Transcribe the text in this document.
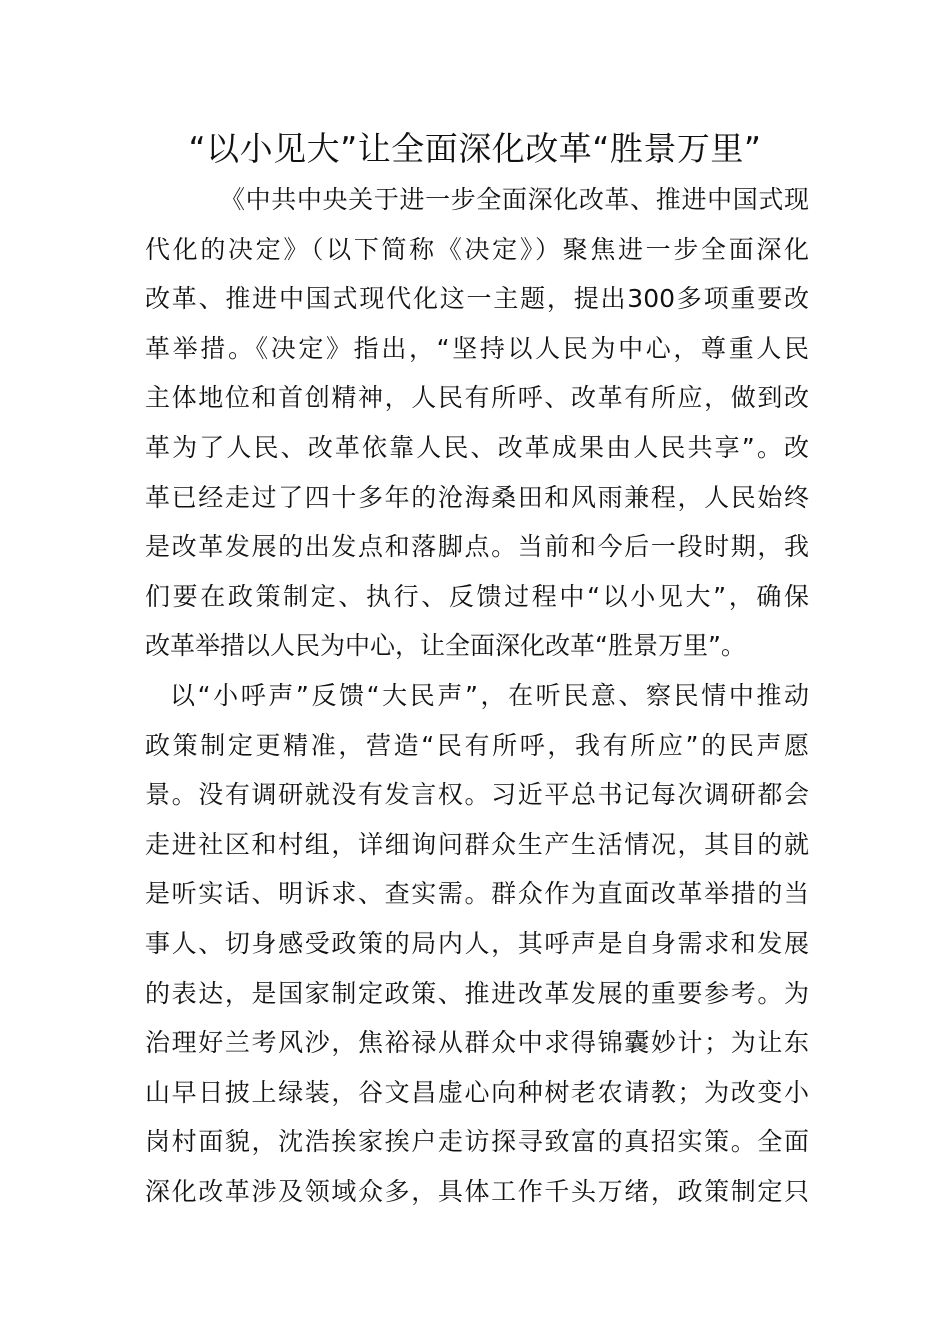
“以小见大”让全面深化改革“胜景万里”
《中共中央关于进一步全面深化改革、推进中国式现
代化的决定》（以下简称《决定》）聚焦进一步全面深化
改革、推进中国式现代化这一主题，提出300多项重要改
革举措。《决定》指出，“坚持以人民为中心，尊重人民
主体地位和首创精神，人民有所呼、改革有所应，做到改
革为了人民、改革依靠人民、改革成果由人民共享”。改
革已经走过了四十多年的沧海桑田和风雨兼程，人民始终
是改革发展的出发点和落脚点。当前和今后一段时期，我
们要在政策制定、执行、反馈过程中“以小见大”，确保
改革举措以人民为中心，让全面深化改革“胜景万里”。
以“小呼声”反馈“大民声”，在听民意、察民情中推动
政策制定更精准，营造“民有所呼，我有所应”的民声愿
景。没有调研就没有发言权。习近平总书记每次调研都会
走进社区和村组，详细询问群众生产生活情况，其目的就
是听实话、明诉求、查实需。群众作为直面改革举措的当
事人、切身感受政策的局内人，其呼声是自身需求和发展
的表达，是国家制定政策、推进改革发展的重要参考。为
治理好兰考风沙，焦裕禄从群众中求得锦囊妙计；为让东
山早日披上绿装，谷文昌虚心向种树老农请教；为改变小
岗村面貌，沈浩挨家挨户走访探寻致富的真招实策。全面
深化改革涉及领域众多，具体工作千头万绪，政策制定只
